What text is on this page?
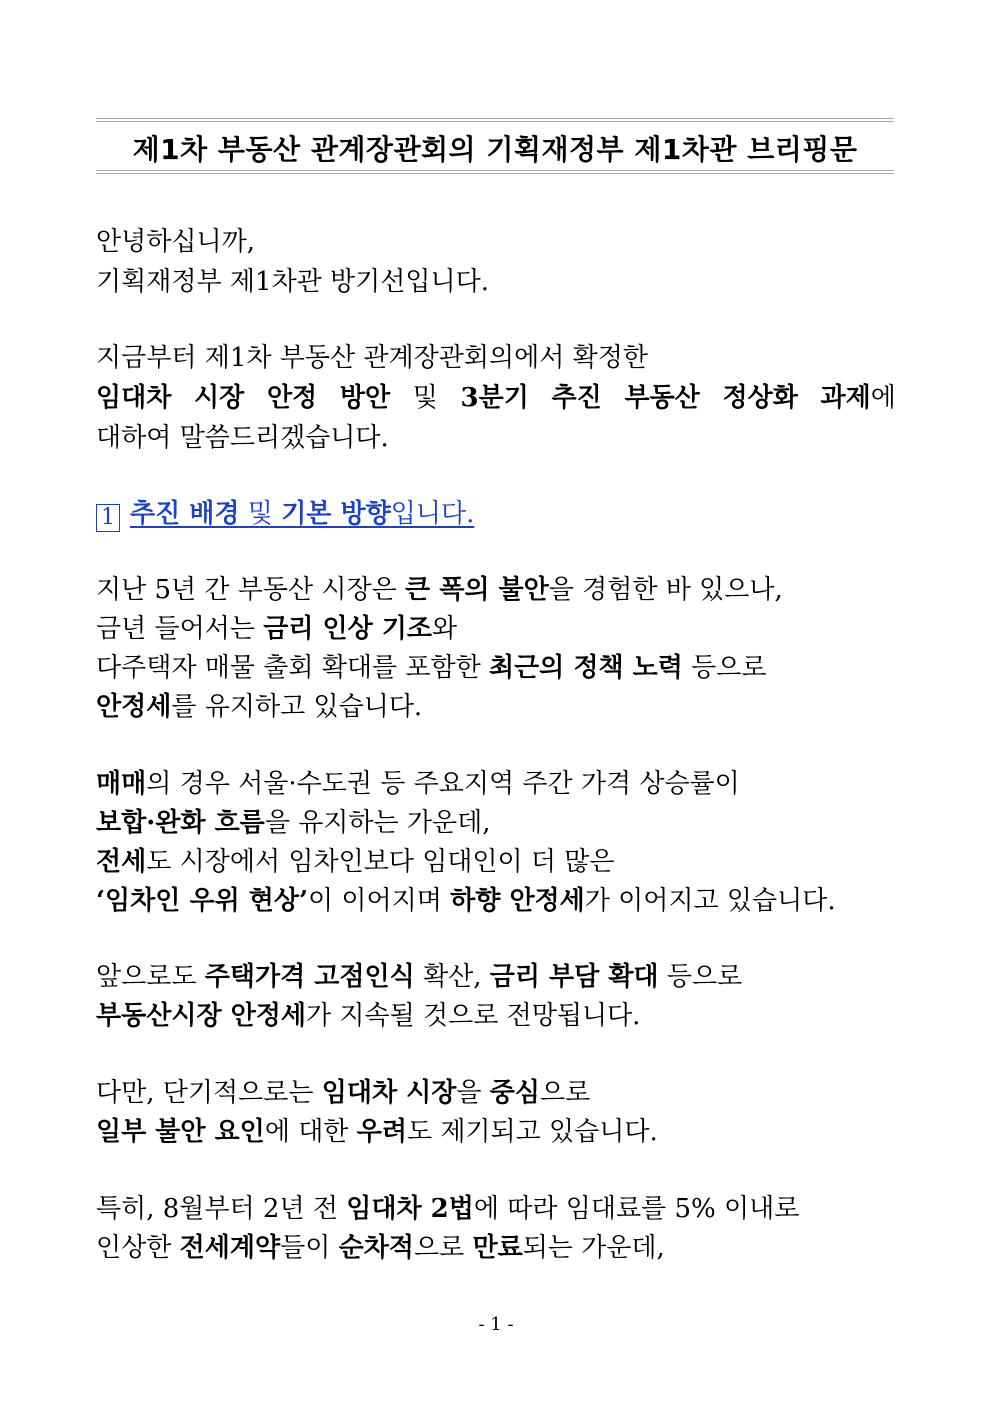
제1차 부동산 관계장관회의 기획재정부 제1차관 브리핑문
안녕하십니까,
기획재정부 제1차관 방기선입니다.
지금부터 제1차 부동산 관계장관회의에서 확정한
임대차 시장 안정 방안 및 3분기 추진 부동산 정상화 과제에
대하여 말씀드리겠습니다.
1 추진 배경 및 기본 방향입니다.
지난 5년 간 부동산 시장은 큰 폭의 불안을 경험한 바 있으나,
금년 들어서는 금리 인상 기조와
다주택자 매물 출회 확대를 포함한 최근의 정책 노력 등으로
안정세를 유지하고 있습니다.
매매의 경우 서울·수도권 등 주요지역 주간 가격 상승률이
보합·완화 흐름을 유지하는 가운데,
전세도 시장에서 임차인보다 임대인이 더 많은
‘임차인 우위 현상’이 이어지며 하향 안정세가 이어지고 있습니다.
앞으로도 주택가격 고점인식 확산, 금리 부담 확대 등으로
부동산시장 안정세가 지속될 것으로 전망됩니다.
다만, 단기적으로는 임대차 시장을 중심으로
일부 불안 요인에 대한 우려도 제기되고 있습니다.
특히, 8월부터 2년 전 임대차 2법에 따라 임대료를 5% 이내로
인상한 전세계약들이 순차적으로 만료되는 가운데,
- 1 -
